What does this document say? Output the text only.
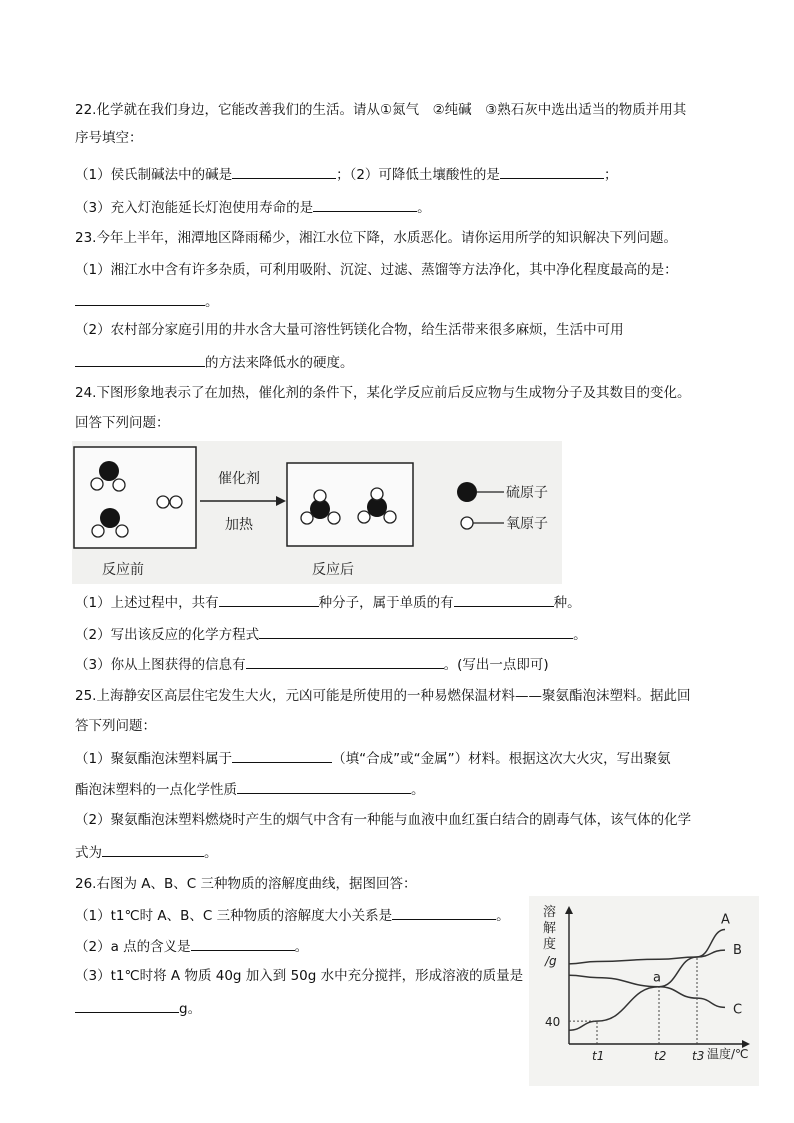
22.化学就在我们身边，它能改善我们的生活。请从①氮气　②纯碱　③熟石灰中选出适当的物质并用其
序号填空：
（1）侯氏制碱法中的碱是	；（2）可降低土壤酸性的是	；
（3）充入灯泡能延长灯泡使用寿命的是	。
23.今年上半年，湘潭地区降雨稀少，湘江水位下降，水质恶化。请你运用所学的知识解决下列问题。
（1）湘江水中含有许多杂质，可利用吸附、沉淀、过滤、蒸馏等方法净化，其中净化程度最高的是：
。
（2）农村部分家庭引用的井水含大量可溶性钙镁化合物，给生活带来很多麻烦，生活中可用
的方法来降低水的硬度。
24.下图形象地表示了在加热，催化剂的条件下，某化学反应前后反应物与生成物分子及其数目的变化。
回答下列问题：
催化剂
加热
硫原子
氧原子
反应前	反应后
（1）上述过程中，共有	种分子，属于单质的有	种。
（2）写出该反应的化学方程式	。
（3）你从上图获得的信息有	。(写出一点即可)
25.上海静安区高层住宅发生大火，元凶可能是所使用的一种易燃保温材料——聚氨酯泡沫塑料。据此回
答下列问题：
（1）聚氨酯泡沫塑料属于	（填“合成”或“金属”）材料。根据这次大火灾，写出聚氨
酯泡沫塑料的一点化学性质	。
（2）聚氨酯泡沫塑料燃烧时产生的烟气中含有一种能与血液中血红蛋白结合的剧毒气体，该气体的化学
式为	。
26.右图为 A、B、C 三种物质的溶解度曲线，据图回答：
（1）t1℃时 A、B、C 三种物质的溶解度大小关系是	。
（2）a 点的含义是	。
（3）t1℃时将 A 物质 40g 加入到 50g 水中充分搅拌，形成溶液的质量是
g。
溶
解
度
/g
40
t1	t2 t3 温度/℃
a
A
B
C
